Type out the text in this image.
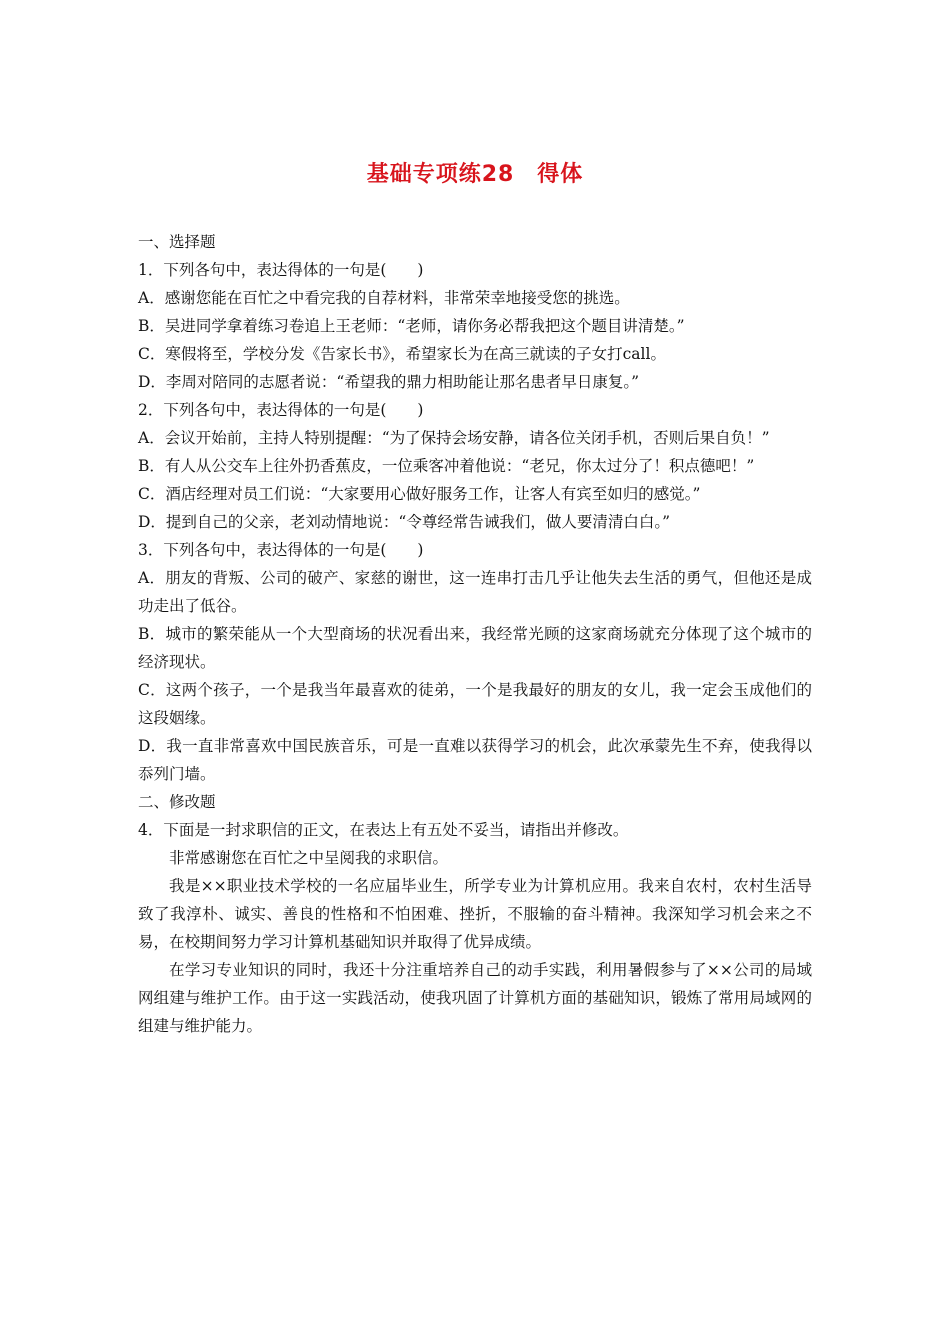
基础专项练28　得体

一、选择题

1．下列各句中，表达得体的一句是(　　)

A．感谢您能在百忙之中看完我的自荐材料，非常荣幸地接受您的挑选。

B．吴进同学拿着练习卷追上王老师：“老师，请你务必帮我把这个题目讲清楚。”

C．寒假将至，学校分发《告家长书》，希望家长为在高三就读的子女打call。

D．李周对陪同的志愿者说：“希望我的鼎力相助能让那名患者早日康复。”

2．下列各句中，表达得体的一句是(　　)

A．会议开始前，主持人特别提醒：“为了保持会场安静，请各位关闭手机，否则后果自负！”

B．有人从公交车上往外扔香蕉皮，一位乘客冲着他说：“老兄，你太过分了！积点德吧！”

C．酒店经理对员工们说：“大家要用心做好服务工作，让客人有宾至如归的感觉。”

D．提到自己的父亲，老刘动情地说：“令尊经常告诫我们，做人要清清白白。”

3．下列各句中，表达得体的一句是(　　)

A．朋友的背叛、公司的破产、家慈的谢世，这一连串打击几乎让他失去生活的勇气，但他还是成功走出了低谷。

B．城市的繁荣能从一个大型商场的状况看出来，我经常光顾的这家商场就充分体现了这个城市的经济现状。

C．这两个孩子，一个是我当年最喜欢的徒弟，一个是我最好的朋友的女儿，我一定会玉成他们的这段姻缘。

D．我一直非常喜欢中国民族音乐，可是一直难以获得学习的机会，此次承蒙先生不弃，使我得以忝列门墙。

二、修改题

4．下面是一封求职信的正文，在表达上有五处不妥当，请指出并修改。

非常感谢您在百忙之中呈阅我的求职信。

我是××职业技术学校的一名应届毕业生，所学专业为计算机应用。我来自农村，农村生活导致了我淳朴、诚实、善良的性格和不怕困难、挫折，不服输的奋斗精神。我深知学习机会来之不易，在校期间努力学习计算机基础知识并取得了优异成绩。

在学习专业知识的同时，我还十分注重培养自己的动手实践，利用暑假参与了××公司的局域网组建与维护工作。由于这一实践活动，使我巩固了计算机方面的基础知识，锻炼了常用局域网的组建与维护能力。
